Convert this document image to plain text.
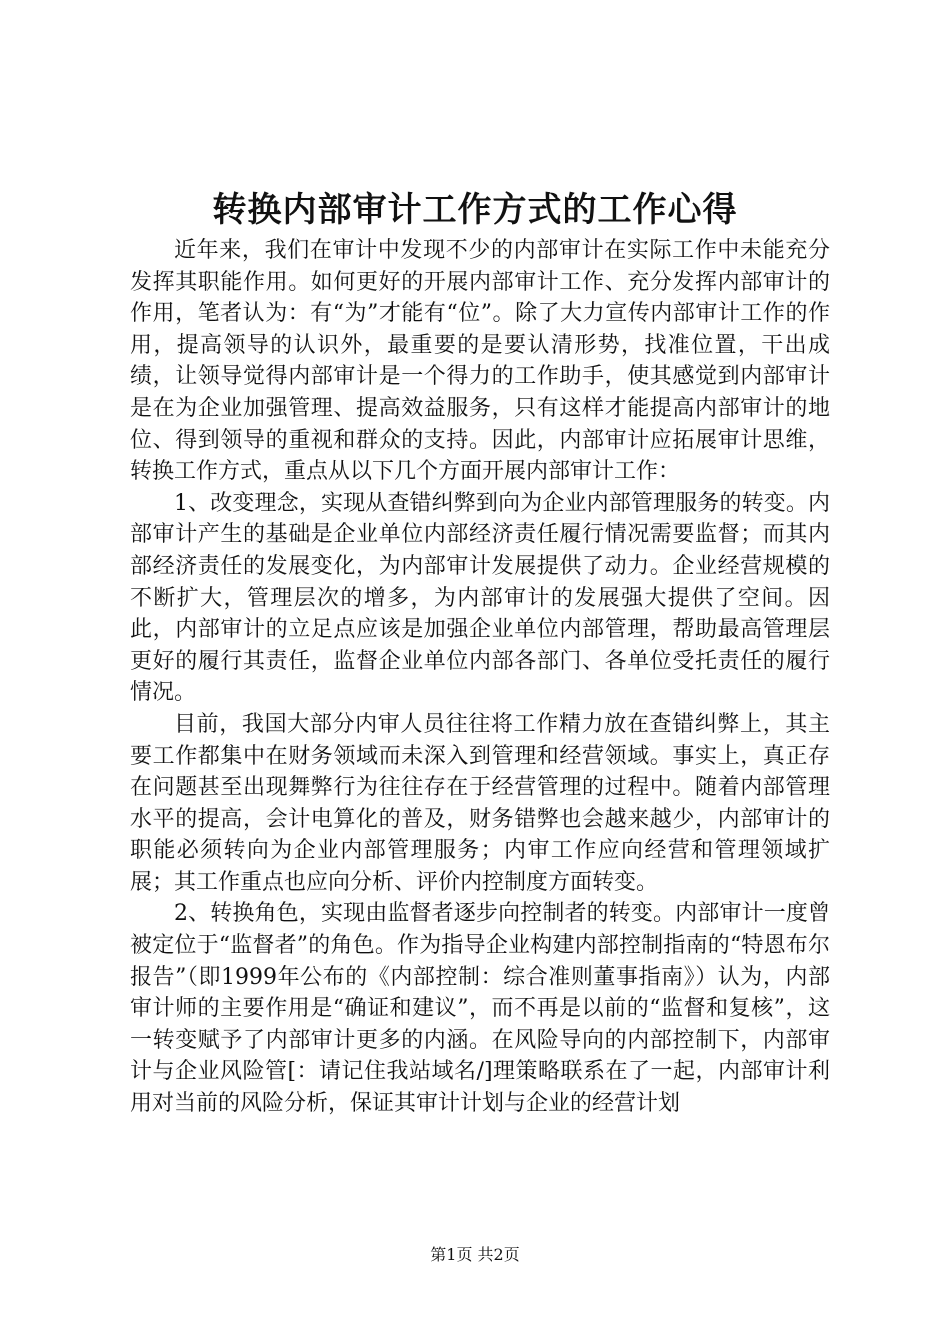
转换内部审计工作方式的工作心得

近年来，我们在审计中发现不少的内部审计在实际工作中未能充分发挥其职能作用。如何更好的开展内部审计工作、充分发挥内部审计的作用，笔者认为：有“为”才能有“位”。除了大力宣传内部审计工作的作用，提高领导的认识外，最重要的是要认清形势，找准位置，干出成绩，让领导觉得内部审计是一个得力的工作助手，使其感觉到内部审计是在为企业加强管理、提高效益服务，只有这样才能提高内部审计的地位、得到领导的重视和群众的支持。因此，内部审计应拓展审计思维，转换工作方式，重点从以下几个方面开展内部审计工作：

1、改变理念，实现从查错纠弊到向为企业内部管理服务的转变。内部审计产生的基础是企业单位内部经济责任履行情况需要监督；而其内部经济责任的发展变化，为内部审计发展提供了动力。企业经营规模的不断扩大，管理层次的增多，为内部审计的发展强大提供了空间。因此，内部审计的立足点应该是加强企业单位内部管理，帮助最高管理层更好的履行其责任，监督企业单位内部各部门、各单位受托责任的履行情况。

目前，我国大部分内审人员往往将工作精力放在查错纠弊上，其主要工作都集中在财务领域而未深入到管理和经营领域。事实上，真正存在问题甚至出现舞弊行为往往存在于经营管理的过程中。随着内部管理水平的提高，会计电算化的普及，财务错弊也会越来越少，内部审计的职能必须转向为企业内部管理服务；内审工作应向经营和管理领域扩展；其工作重点也应向分析、评价内控制度方面转变。

2、转换角色，实现由监督者逐步向控制者的转变。内部审计一度曾被定位于“监督者”的角色。作为指导企业构建内部控制指南的“特恩布尔报告”（即1999年公布的《内部控制：综合准则董事指南》）认为，内部审计师的主要作用是“确证和建议”，而不再是以前的“监督和复核”，这一转变赋予了内部审计更多的内涵。在风险导向的内部控制下，内部审计与企业风险管[：请记住我站域名/]理策略联系在了一起，内部审计利用对当前的风险分析，保证其审计计划与企业的经营计划

第1页 共2页
